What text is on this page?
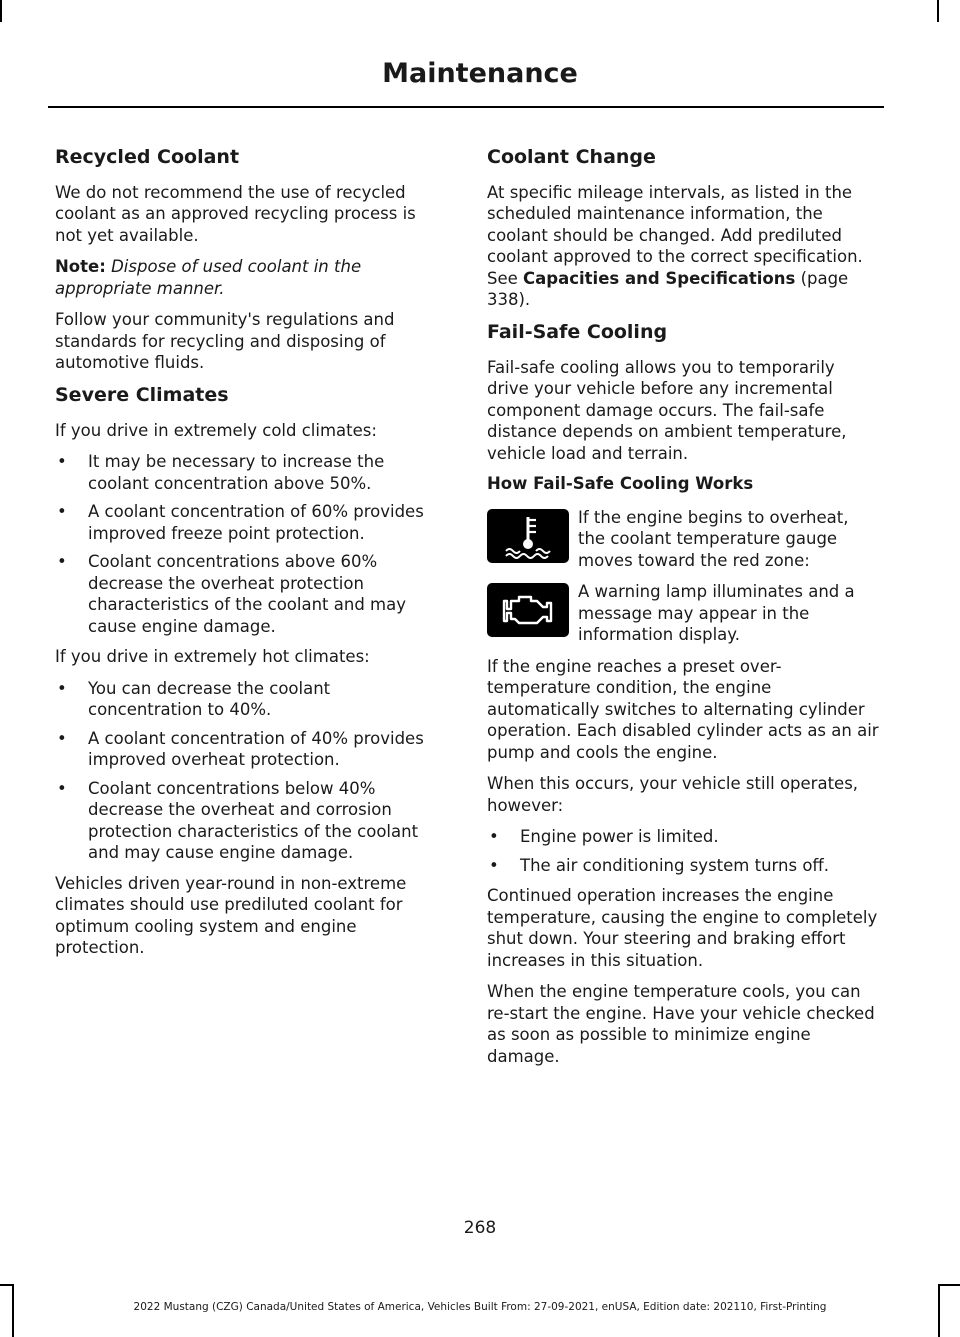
Maintenance
Recycled Coolant

We do not recommend the use of recycled coolant as an approved recycling process is not yet available.

Note: Dispose of used coolant in the appropriate manner.

Follow your community's regulations and standards for recycling and disposing of automotive fluids.

Severe Climates

If you drive in extremely cold climates:

• It may be necessary to increase the coolant concentration above 50%.
• A coolant concentration of 60% provides improved freeze point protection.
• Coolant concentrations above 60% decrease the overheat protection characteristics of the coolant and may cause engine damage.

If you drive in extremely hot climates:

• You can decrease the coolant concentration to 40%.
• A coolant concentration of 40% provides improved overheat protection.
• Coolant concentrations below 40% decrease the overheat and corrosion protection characteristics of the coolant and may cause engine damage.

Vehicles driven year-round in non-extreme climates should use prediluted coolant for optimum cooling system and engine protection.

Coolant Change

At specific mileage intervals, as listed in the scheduled maintenance information, the coolant should be changed. Add prediluted coolant approved to the correct specification. See Capacities and Specifications (page 338).

Fail-Safe Cooling

Fail-safe cooling allows you to temporarily drive your vehicle before any incremental component damage occurs. The fail-safe distance depends on ambient temperature, vehicle load and terrain.

How Fail-Safe Cooling Works

If the engine begins to overheat, the coolant temperature gauge moves toward the red zone:

A warning lamp illuminates and a message may appear in the information display.

If the engine reaches a preset over-temperature condition, the engine automatically switches to alternating cylinder operation. Each disabled cylinder acts as an air pump and cools the engine.

When this occurs, your vehicle still operates, however:

• Engine power is limited.
• The air conditioning system turns off.

Continued operation increases the engine temperature, causing the engine to completely shut down. Your steering and braking effort increases in this situation.

When the engine temperature cools, you can re-start the engine. Have your vehicle checked as soon as possible to minimize engine damage.

268
2022 Mustang (CZG) Canada/United States of America, Vehicles Built From: 27-09-2021, enUSA, Edition date: 202110, First-Printing
